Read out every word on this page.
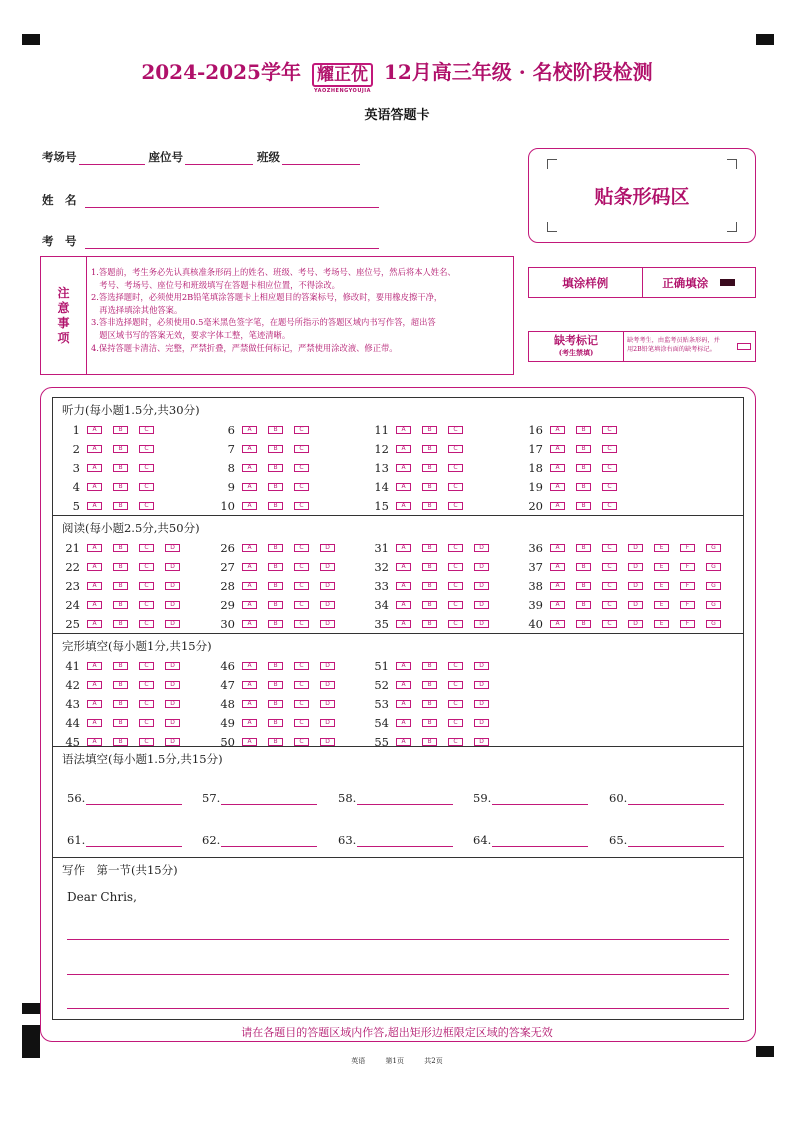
2024-2025学年 耀正优
YAOZHENGYOUJIA
12月高三年级 · 名校阶段检测
英语答题卡
考场号	座位号	班级
姓　名
考　号
贴条形码区
注
意
事
项
1.答题前，考生务必先认真核准条形码上的姓名、班级、考号、考场号、座位号，然后将本人姓名、
　考号、考场号、座位号和班级填写在答题卡相应位置，不得涂改。
2.答选择题时，必须使用2B铅笔填涂答题卡上相应题目的答案标号，修改时，要用橡皮擦干净，
　再选择填涂其他答案。
3.答非选择题时，必须使用0.5毫米黑色签字笔，在题号所指示的答题区域内书写作答，超出答
　题区域书写的答案无效，要求字体工整，笔迹清晰。
4.保持答题卡清洁、完整，严禁折叠，严禁做任何标记，严禁使用涂改液、修正带。
填涂样例	正确填涂
缺考标记
(考生禁填)
缺考考生，由监考员贴条形码，并
用2B铅笔填涂右面的缺考标记。
听力(每小题1.5分,共30分)
1	A	B	C
2	A	B	C
3	A	B	C
4	A	B	C
5	A	B	C
6	A	B	C
7	A	B	C
8	A	B	C
9	A	B	C
10	A	B	C
11	A	B	C
12	A	B	C
13	A	B	C
14	A	B	C
15	A	B	C
16	A	B	C
17	A	B	C
18	A	B	C
19	A	B	C
20	A	B	C
阅读(每小题2.5分,共50分)
21	A	B	C	D
22	A	B	C	D
23	A	B	C	D
24	A	B	C	D
25	A	B	C	D
26	A	B	C	D
27	A	B	C	D
28	A	B	C	D
29	A	B	C	D
30	A	B	C	D
31	A	B	C	D
32	A	B	C	D
33	A	B	C	D
34	A	B	C	D
35	A	B	C	D
36	A	B	C	D	E	F	G
37	A	B	C	D	E	F	G
38	A	B	C	D	E	F	G
39	A	B	C	D	E	F	G
40	A	B	C	D	E	F	G
完形填空(每小题1分,共15分)
41	A	B	C	D
42	A	B	C	D
43	A	B	C	D
44	A	B	C	D
45	A	B	C	D
46	A	B	C	D
47	A	B	C	D
48	A	B	C	D
49	A	B	C	D
50	A	B	C	D
51	A	B	C	D
52	A	B	C	D
53	A	B	C	D
54	A	B	C	D
55	A	B	C	D
语法填空(每小题1.5分,共15分)
56.	57.	58.	59.	60.
61.	62.	63.	64.	65.
写作　第一节(共15分)
Dear Chris,
请在各题目的答题区域内作答,超出矩形边框限定区域的答案无效
英语	第1页	共2页
